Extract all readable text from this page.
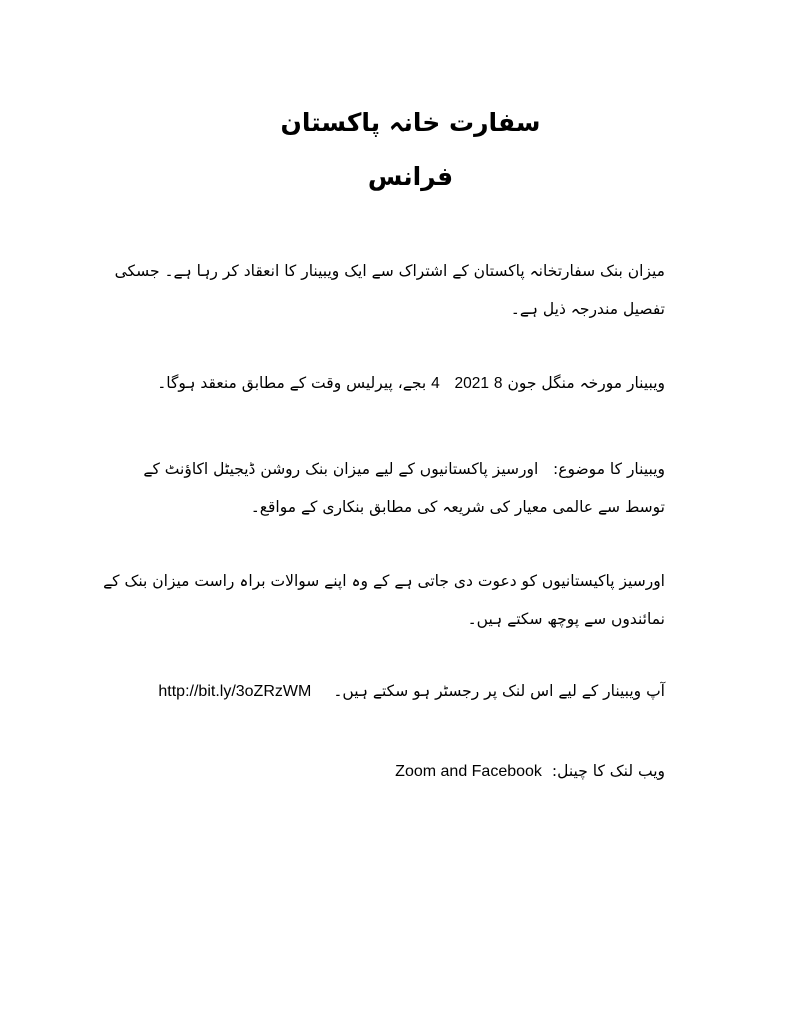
سفارت خانہ پاکستان
فرانس

میزان بنک سفارتخانہ پاکستان کے اشتراک سے ایک ویبینار کا انعقاد کر رہا ہے۔ جسکی تفصیل مندرجہ ذیل ہے۔

ویبینار مورخہ منگل جون 8 2021   4 بجے، پیرلیس وقت کے مطابق منعقد ہوگا۔

ویبینار کا موضوع:   اورسیز پاکستانیوں کے لیے میزان بنک روشن ڈیجیٹل اکاؤنٹ کے توسط سے عالمی معیار کی شریعہ کی مطابق بنکاری کے مواقع۔

اورسیز پاکیستانیوں کو دعوت دی جاتی ہے کے وہ اپنے سوالات براہ راست میزان بنک کے نمائندوں سے پوچھ سکتے ہیں۔

آپ ویبینار کے لیے اس لنک پر رجسٹر ہو سکتے ہیں۔
http://bit.ly/3oZRzWM
ویب لنک کا چینل:
Zoom and Facebook
